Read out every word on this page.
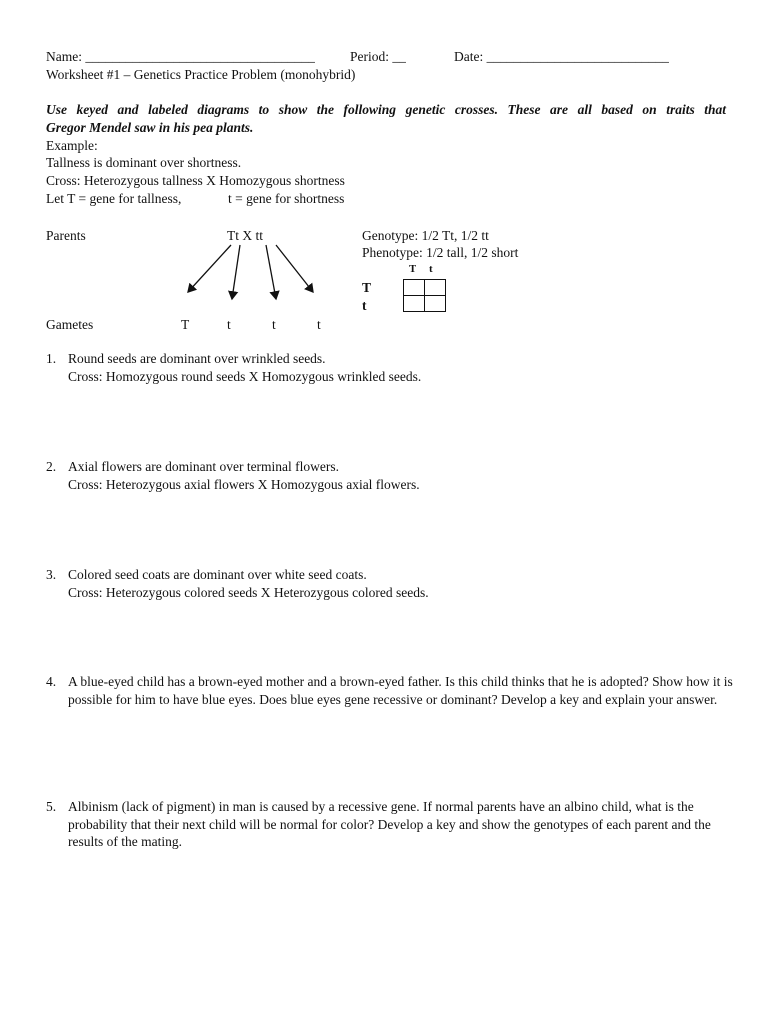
Name: __________________________________	Period: __	Date: ___________________________
Worksheet #1 – Genetics Practice Problem (monohybrid)
Use keyed and labeled diagrams to show the following genetic crosses. These are all based on traits that
Gregor Mendel saw in his pea plants.
Example:
Tallness is dominant over shortness.
Cross: Heterozygous tallness X Homozygous shortness
Let T = gene for tallness,	t = gene for shortness
Parents	Tt X tt	Genotype: 1/2 Tt, 1/2 tt
Phenotype: 1/2 tall, 1/2 short
T t
T
t
Gametes	T	t	t	t
1. Round seeds are dominant over wrinkled seeds.
Cross: Homozygous round seeds X Homozygous wrinkled seeds.
2. Axial flowers are dominant over terminal flowers.
Cross: Heterozygous axial flowers X Homozygous axial flowers.
3. Colored seed coats are dominant over white seed coats.
Cross: Heterozygous colored seeds X Heterozygous colored seeds.
4. A blue-eyed child has a brown-eyed mother and a brown-eyed father. Is this child thinks that he is adopted? Show how it is possible for him to have blue eyes. Does blue eyes gene recessive or dominant? Develop a key and explain your answer.
5. Albinism (lack of pigment) in man is caused by a recessive gene. If normal parents have an albino child, what is the probability that their next child will be normal for color? Develop a key and show the genotypes of each parent and the results of the mating.
